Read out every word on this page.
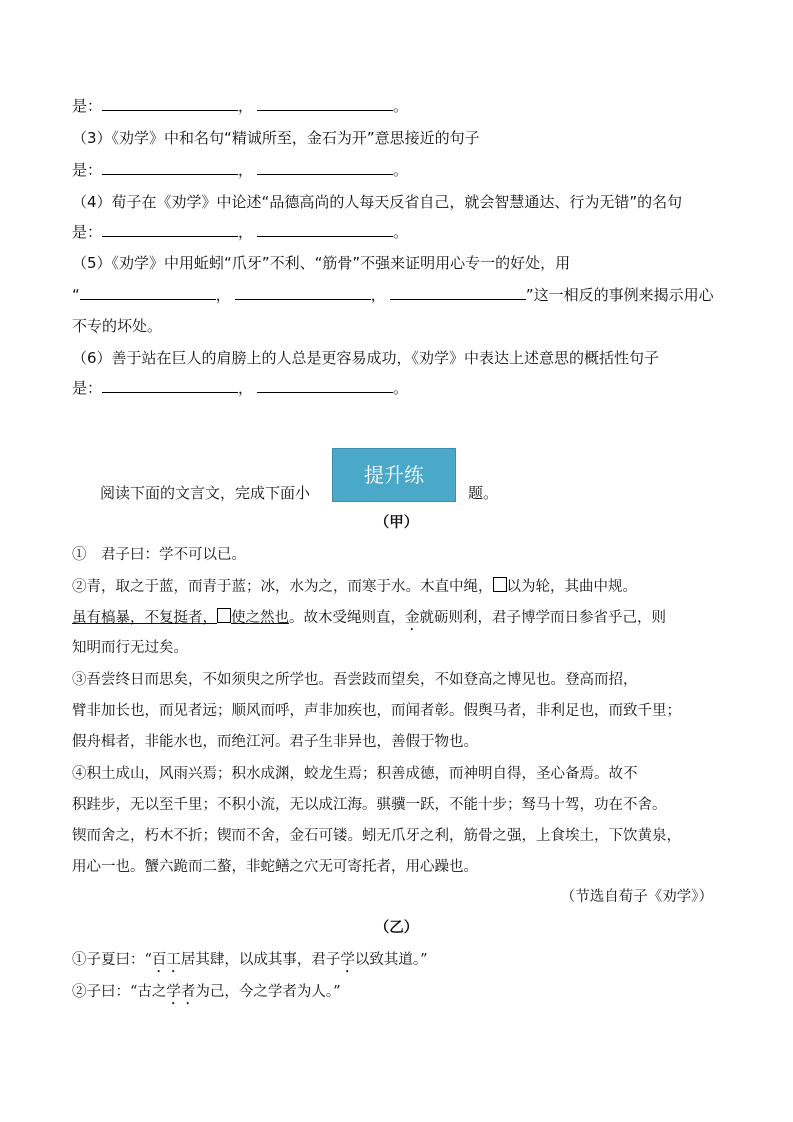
是：	，	。
（3）《劝学》中和名句“精诚所至，金石为开”意思接近的句子
是：	，	。
（4）荀子在《劝学》中论述“品德高尚的人每天反省自己，就会智慧通达、行为无错”的名句
是：	，	。
（5）《劝学》中用蚯蚓“爪牙”不利、“筋骨”不强来证明用心专一的好处，用
“	，	，	”这一相反的事例来揭示用心
不专的坏处。
（6）善于站在巨人的肩膀上的人总是更容易成功，《劝学》中表达上述意思的概括性句子
是：	，	。
阅读下面的文言文，完成下面小
提升练
题。
（甲）
①　君子曰：学不可以已。
②青，取之于蓝，而青于蓝；冰，水为之，而寒于水。木直中绳， 以为轮，其曲中规。
虽有槁暴，不复挺者， 使之然也。故木受绳则直，金就砺则利，君子博学而日参省乎己，则
知明而行无过矣。
③吾尝终日而思矣，不如须臾之所学也。吾尝跂而望矣，不如登高之博见也。登高而招，
臂非加长也，而见者远；顺风而呼，声非加疾也，而闻者彰。假舆马者，非利足也，而致千里；
假舟楫者，非能水也，而绝江河。君子生非异也，善假于物也。
④积土成山，风雨兴焉；积水成渊，蛟龙生焉；积善成德，而神明自得，圣心备焉。故不
积跬步，无以至千里；不积小流，无以成江海。骐骥一跃，不能十步；驽马十驾，功在不舍。
锲而舍之，朽木不折；锲而不舍，金石可镂。蚓无爪牙之利，筋骨之强，上食埃土，下饮黄泉，
用心一也。蟹六跪而二螯，非蛇鳝之穴无可寄托者，用心躁也。
（节选自荀子《劝学》）
（乙）
①子夏曰：“百工居其肆，以成其事，君子学以致其道。”
②子曰：“古之学者为己，今之学者为人。”
